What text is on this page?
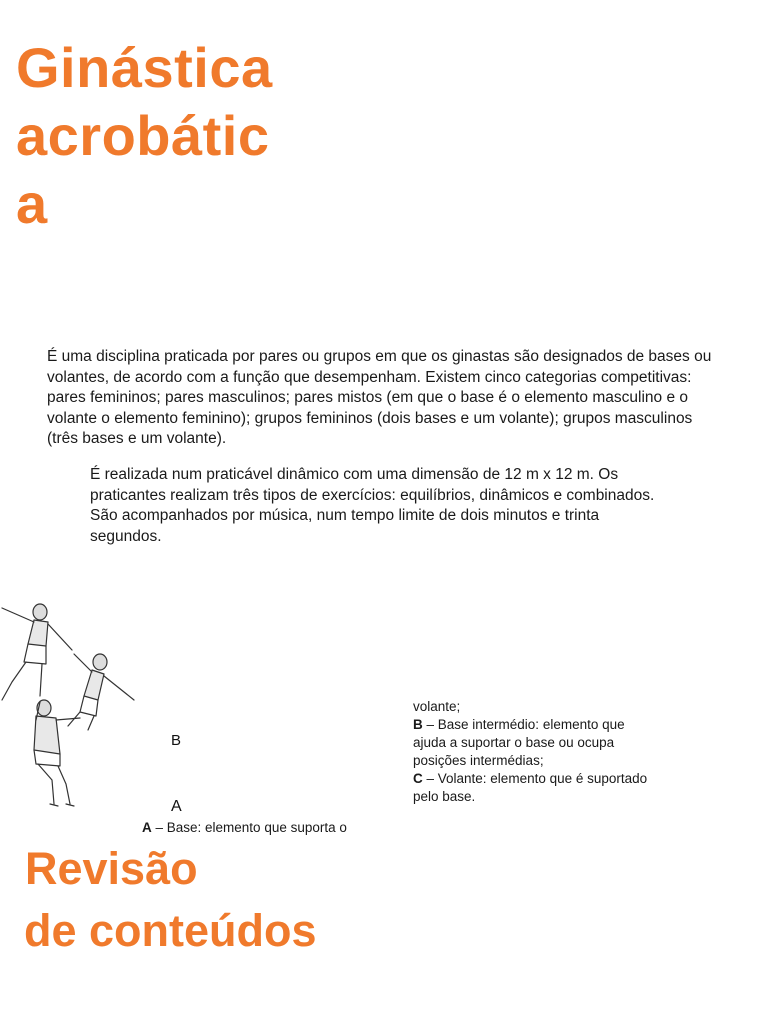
Ginástica
acrobátic
a

É uma disciplina praticada por pares ou grupos em que os ginastas são designados de bases ou volantes, de acordo com a função que desempenham. Existem cinco categorias competitivas: pares femininos; pares masculinos; pares mistos (em que o base é o elemento masculino e o volante o elemento feminino); grupos femininos (dois bases e um volante); grupos masculinos (três bases e um volante).

É realizada num praticável dinâmico com uma dimensão de 12 m x 12 m. Os praticantes realizam três tipos de exercícios: equilíbrios, dinâmicos e combinados. São acompanhados por música, num tempo limite de dois minutos e trinta segundos.

B

A

A – Base: elemento que suporta o

volante;
B – Base intermédio: elemento que
ajuda a suportar o base ou ocupa
posições intermédias;
C – Volante: elemento que é suportado
pelo base.
Revisão
de conteúdos
